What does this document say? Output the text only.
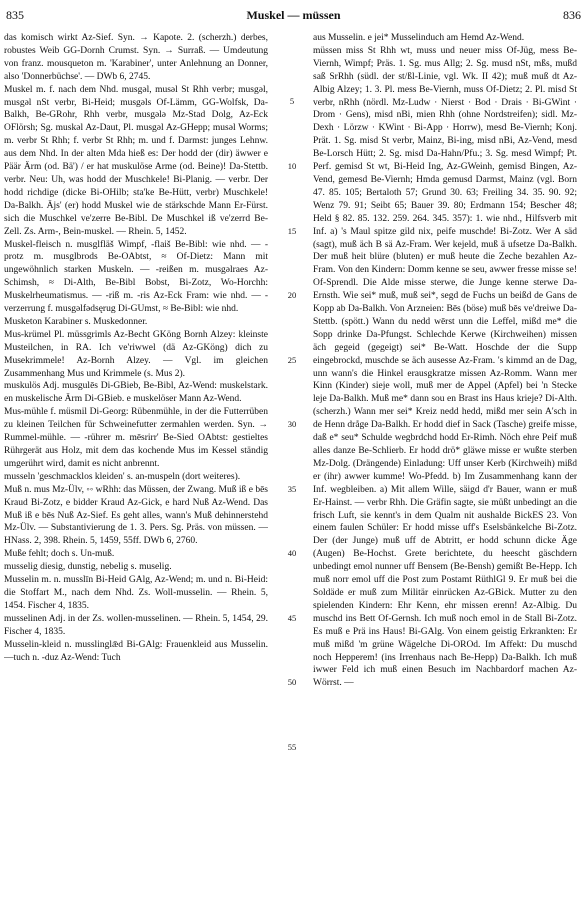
835	Muskel — müssen	836

das komisch wirkt Az-Sief. Syn. → Kapote. 2. (scherzh.) derbes, robustes Weib GG-Dornh Crumst. Syn. → Surraß. — Umdeutung von franz. mousqueton m. 'Karabiner', unter Anlehnung an Donner, also 'Donnerbüchse'. — DWb 6, 2745.

Muskel m. f. nach dem Nhd. musgǝl, musǝl St Rhh verbr; musgǝl, musgǝl nSt verbr, Bi-Heid; musgǝls Of-Lämm, GG-Wolfsk, Da-Balkh, Be-GRohr, Rhh verbr, musgǝlǝ Mz-Stad Dolg, Az-Eck OFlörsh; Sg. muskǝl Az-Daut, Pl. musgǝl Az-GHepp; musǝl Worms; m. verbr St Rhh; f. verbr St Rhh; m. und f. Darmst: junges Lehnw. aus dem Nhd. In der alten Mda hieß es: Der hodd der (dir) äwwer e Päär Ärm (od. Bä') / er hat muskulöse Arme (od. Beine)! Da-Stettb. verbr. Neu: Uh, was hodd der Muschkele! Bi-Planig. — verbr. Der hodd richdige (dicke Bi-OHilb; sta'ke Be-Hütt, verbr) Muschkele! Da-Balkh. Äjs' (er) hodd Muskel wie de stärkschde Mann Er-Fürst. sich die Muschkel ve'zerre Be-Bibl. De Muschkel iß ve'zerrd Be-Zell. Zs. Arm-, Bein-muskel. — Rhein. 5, 1452.

Muskel-fleisch n. musglfläš Wimpf, -flaiš Be-Bibl: wie nhd. — -protz m. musglbrods Be-OAbtst, ≈ Of-Dietz: Mann mit ungewöhnlich starken Muskeln. — -reißen m. musgǝlraes Az-Schimsh, ≈ Di-Alth, Be-Bibl Bobst, Bi-Zotz, Wo-Horchh: Muskelrheumatismus. — -riß m. -ris Az-Eck Fram: wie nhd. — -verzerrung f. musgǝlfǝdsęrug Di-GUmst, ≈ Be-Bibl: wie nhd.

Musketon Karabiner s. Muskedonner.

Mus-krümel Pl. müssgrimls Az-Becht GKöng Bornh Alzey: kleinste Musteilchen, in RA. Ich ve'riwwel (dä Az-GKöng) dich zu Musekrimmele! Az-Bornh Alzey. — Vgl. im gleichen Zusammenhang Mus und Krimmele (s. Mus 2).

muskulös Adj. musgulēs Di-GBieb, Be-Bibl, Az-Wend: muskelstark. en muskelische Ärm Di-GBieb. e muskelöser Mann Az-Wend.

Mus-mühle f. müsmil Di-Georg: Rübenmühle, in der die Futterrüben zu kleinen Teilchen für Schweinefutter zermahlen werden. Syn. → Rummel-mühle. — -rührer m. mēsrirr' Be-Sied OAbtst: gestieltes Rührgerät aus Holz, mit dem das kochende Mus im Kessel ständig umgerührt wird, damit es nicht anbrennt.

musseln 'geschmacklos kleiden' s. an-muspeln (dort weiteres).

Muß n. mus Mz-Ülv, ◦◦ wRhh: das Müssen, der Zwang. Muß iß e bēs Kraud Bi-Zotz, e bidder Kraud Az-Gick, e hard Nuß Az-Wend. Das Muß iß e bēs Nuß Az-Sief. Es geht alles, wann's Muß dehinnerstehd Mz-Ülv. — Substantivierung de 1. 3. Pers. Sg. Präs. von müssen. — HNass. 2, 398. Rhein. 5, 1459, 55ff. DWb 6, 2760.

Muße fehlt; doch s. Un-muß.

musselig diesig, dunstig, nebelig s. muselig.

Musselin m. n. musslīn Bi-Heid GAlg, Az-Wend; m. und n. Bi-Heid: die Stoffart M., nach dem Nhd. Zs. Woll-musselin. — Rhein. 5, 1454. Fischer 4, 1835.

musselinen Adj. in der Zs. wollen-musselinen. — Rhein. 5, 1454, 29. Fischer 4, 1835.

Musselin-kleid n. musslinglǣd Bi-GAlg: Frauenkleid aus Musselin. —tuch n. -duz Az-Wend: Tuch

5
10
15
20
25
30
35
40
45
50
55

aus Musselin. e jei* Musselinduch am Hemd Az-Wend.

müssen miss St Rhh wt, muss und neuer miss Of-Jüg, mess Be-Viernh, Wimpf; Präs. 1. Sg. mus Allg; 2. Sg. musd nSt, mßs, mußd saß SrRhh (südl. der st/ßl-Linie, vgl. Wk. II 42); muß muß dt Az-Albig Alzey; 1. 3. Pl. mess Be-Viernh, muss Of-Dietz; 2. Pl. misd St verbr, nRhh (nördl. Mz-Ludw · Nierst · Bod · Drais · Bi-GWint · Drom · Gens), misd nBi, mien Rhh (ohne Nordstreifen); sidl. Mz-Dexh · Lörzw · KWint · Bi-App · Horrw), mesd Be-Viernh; Konj. Prät. 1. Sg. misd St verbr, Mainz, Bi-ing, misd nBi, Az-Vend, mesd Be-Lorsch Hütt; 2. Sg. misd Da-Hahn/Pfu.; 3. Sg. mesd Wimpf; Pt. Perf. gemisd St wt, Bi-Heid Ing, Az-GWeinh, gemisd Bingen, Az-Vend, gemesd Be-Viernh; Hmda gemusd Darmst, Mainz (vgl. Born 47. 85. 105; Bertaloth 57; Grund 30. 63; Freiling 34. 35. 90. 92; Wenz 79. 91; Seibt 65; Bauer 39. 80; Erdmann 154; Bescher 48; Held § 82. 85. 132. 259. 264. 345. 357): 1. wie nhd., Hilfsverb mit Inf. a) 's Maul spitze gild nix, peife muschde! Bi-Zotz. Wer A säd (sagt), muß äch B sä Az-Fram. Wer kejeld, muß ä ufsetze Da-Balkh. Der muß heit blüre (bluten) er muß heute die Zeche bezahlen Az-Fram. Von den Kindern: Domm kenne se seu, awwer fresse misse se! Of-Sprendl. Die Alde misse sterwe, die Junge kenne sterwe Da-Ernsth. Wie sei* muß, muß sei*, segd de Fuchs un beißd de Gans de Kopp ab Da-Balkh. Von Arzneien: Bēs (böse) muß bēs ve'dreiwe Da-Stettb. (spött.) Wann du nedd wērst unn die Leffel, mißd me* die Sopp drinke Da-Pfungst. Schlechde Kerwe (Kirchweihen) missen äch gegeid (gegeigt) sei* Be-Watt. Hoschde der die Supp eingebrockd, muschde se äch ausesse Az-Fram. 's kimmd an de Dag, unn wann's die Hinkel erausgkratze missen Az-Romm. Wann mer Kinn (Kinder) sieje woll, muß mer de Appel (Apfel) bei 'n Stecke leje Da-Balkh. Muß me* dann sou en Brast ins Haus krieje? Di-Alth. (scherzh.) Wann mer sei* Kreiz nedd hedd, mißd mer sein A'sch in de Henn dråge Da-Balkh. Er hodd dief in Sack (Tasche) greife misse, daß e* seu* Schulde wegbrdchd hodd Er-Rimh. Nöch ehre Peif muß alles danze Be-Schlierb. Er hodd drö* gläwe misse er wußte sterben Mz-Dolg. (Drängende) Einladung: Uff unser Kerb (Kirchweih) mißd er (ihr) awwer kumme! Wo-Pfedd. b) Im Zusammenhang kann der Inf. wegbleiben. a) Mit allem Wille, säigd d'r Bauer, wann er muß Er-Hainst. — verbr Rhh. Die Gräfin sagte, sie müßt unbedingt an die frisch Luft, sie kennt's in dem Qualm nit aushalde BickES 23. Von einem faulen Schüler: Er hodd misse uff's Eselsbänkelche Bi-Zotz. Der (der Junge) muß uff de Abtritt, er hodd schunn dicke Äge (Augen) Be-Hochst. Grete berichtete, du heescht gäschdern unbedingt emol nunner uff Bensem (Be-Bensh) gemißt Be-Hepp. Ich muß norr emol uff die Post zum Postamt RüthlGl 9. Er muß bei die Soldäde er muß zum Militär einrücken Az-GBick. Mutter zu den spielenden Kindern: Ehr Kenn, ehr missen erenn! Az-Albig. Du muschd ins Bett Of-Gernsh. Ich muß noch emol in de Stall Bi-Zotz. Es muß e Prä ins Haus! Bi-GAlg. Von einem geistig Erkrankten: Er muß mißd 'm grüne Wägelche Di-OROd. Im Affekt: Du muschd noch Hepperem! (ins Irrenhaus nach Be-Hepp) Da-Balkh. Ich muß iwwer Feld ich muß einen Besuch im Nachbardorf machen Az-Wörrst. —
